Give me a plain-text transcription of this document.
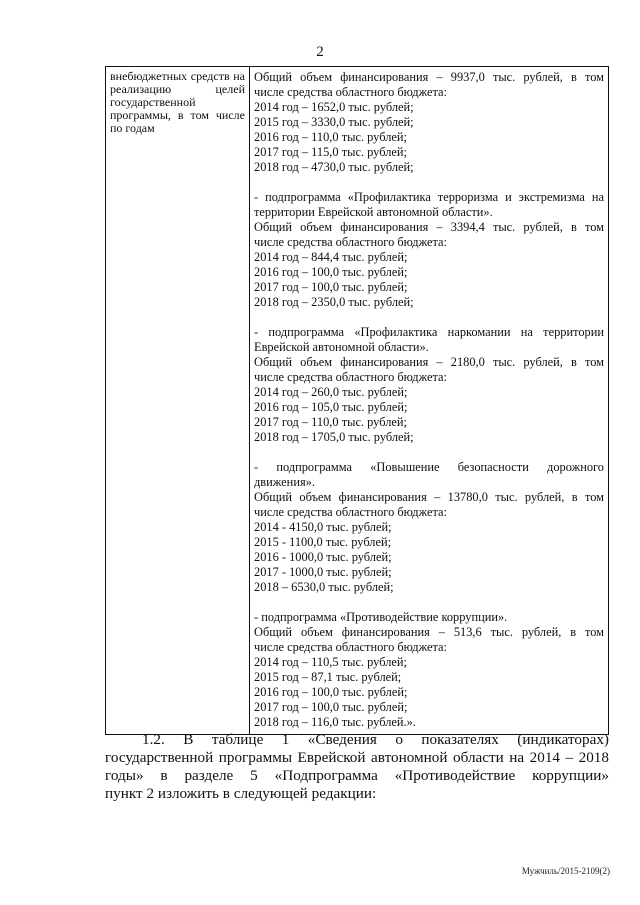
2
внебюджетных средств на реализацию целей государственной программы, в том числе по годам

Общий объем финансирования – 9937,0 тыс. рублей, в том
числе средства областного бюджета:
2014 год – 1652,0 тыс. рублей;
2015 год – 3330,0 тыс. рублей;
2016 год – 110,0 тыс. рублей;
2017 год – 115,0 тыс. рублей;
2018 год – 4730,0 тыс. рублей;
- подпрограмма «Профилактика терроризма и экстремизма на
территории Еврейской автономной области».
Общий объем финансирования – 3394,4 тыс. рублей, в том
числе средства областного бюджета:
2014 год – 844,4 тыс. рублей;
2016 год – 100,0 тыс. рублей;
2017 год – 100,0 тыс. рублей;
2018 год – 2350,0 тыс. рублей;
- подпрограмма «Профилактика наркомании на территории
Еврейской автономной области».
Общий объем финансирования – 2180,0 тыс. рублей, в том
числе средства областного бюджета:
2014 год – 260,0 тыс. рублей;
2016 год – 105,0 тыс. рублей;
2017 год – 110,0 тыс. рублей;
2018 год – 1705,0 тыс. рублей;
- подпрограмма «Повышение безопасности дорожного
движения».
Общий объем финансирования – 13780,0 тыс. рублей, в том
числе средства областного бюджета:
2014 - 4150,0 тыс. рублей;
2015 - 1100,0 тыс. рублей;
2016 - 1000,0 тыс. рублей;
2017 - 1000,0 тыс. рублей;
2018 – 6530,0 тыс. рублей;
- подпрограмма «Противодействие коррупции».
Общий объем финансирования – 513,6 тыс. рублей, в том
числе средства областного бюджета:
2014 год – 110,5 тыс. рублей;
2015 год – 87,1 тыс. рублей;
2016 год – 100,0 тыс. рублей;
2017 год – 100,0 тыс. рублей;
2018 год – 116,0 тыс. рублей.».
1.2. В таблице 1 «Сведения о показателях (индикаторах)
государственной программы Еврейской автономной области на 2014 – 2018
годы» в разделе 5 «Подпрограмма «Противодействие коррупции»
пункт 2 изложить в следующей редакции:
Мужчиль/2015-2109(2)
